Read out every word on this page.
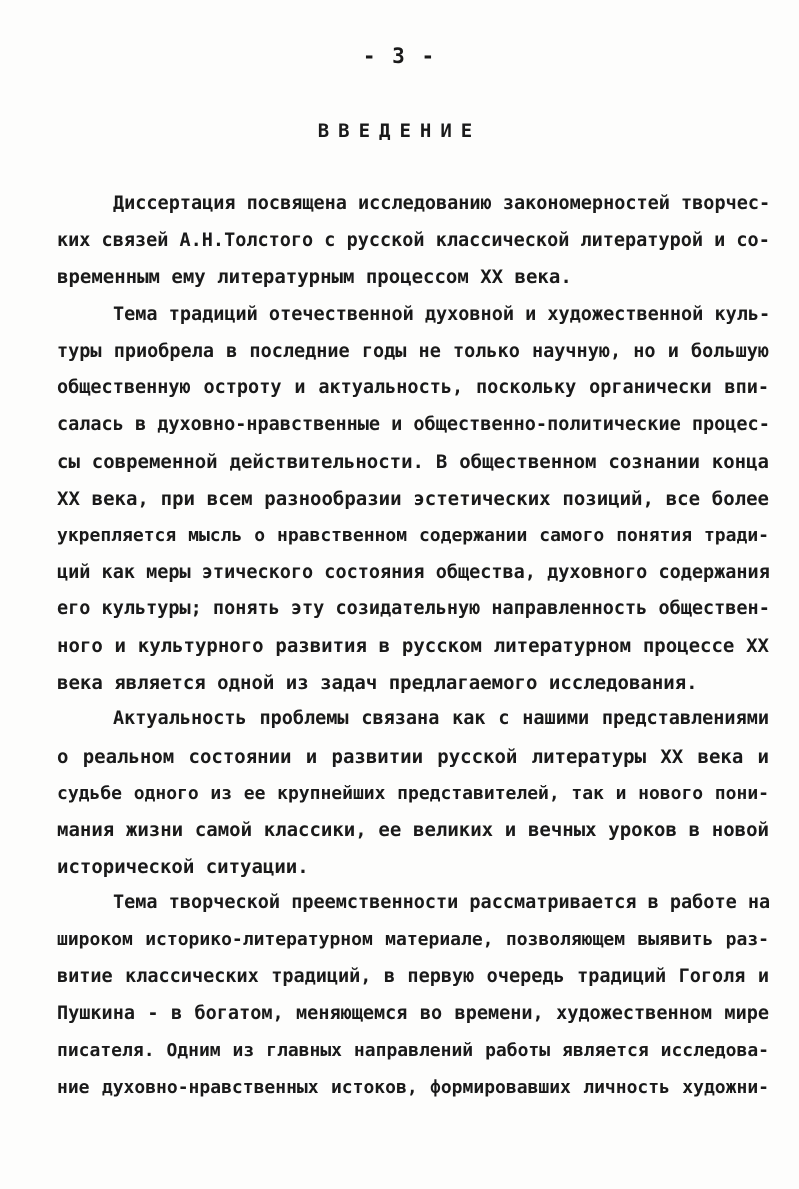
- 3 -
ВВЕДЕНИЕ
Диссертация посвящена исследованию закономерностей творчес-
ких связей А.Н.Толстого с русской классической литературой и со-
временным ему литературным процессом XX века.
Тема традиций отечественной духовной и художественной куль-
туры приобрела в последние годы не только научную, но и большую
общественную остроту и актуальность, поскольку органически впи-
салась в духовно-нравственные и общественно-политические процес-
сы современной действительности. В общественном сознании конца
XX века, при всем разнообразии эстетических позиций, все более
укрепляется мысль о нравственном содержании самого понятия тради-
ций как меры этического состояния общества, духовного содержания
его культуры; понять эту созидательную направленность обществен-
ного и культурного развития в русском литературном процессе XX
века является одной из задач предлагаемого исследования.
Актуальность проблемы связана как с нашими представлениями
о реальном состоянии и развитии русской литературы XX века и
судьбе одного из ее крупнейших представителей, так и нового пони-
мания жизни самой классики, ее великих и вечных уроков в новой
исторической ситуации.
Тема творческой преемственности рассматривается в работе на
широком историко-литературном материале, позволяющем выявить раз-
витие классических традиций, в первую очередь традиций Гоголя и
Пушкина - в богатом, меняющемся во времени, художественном мире
писателя. Одним из главных направлений работы является исследова-
ние духовно-нравственных истоков, формировавших личность художни-
